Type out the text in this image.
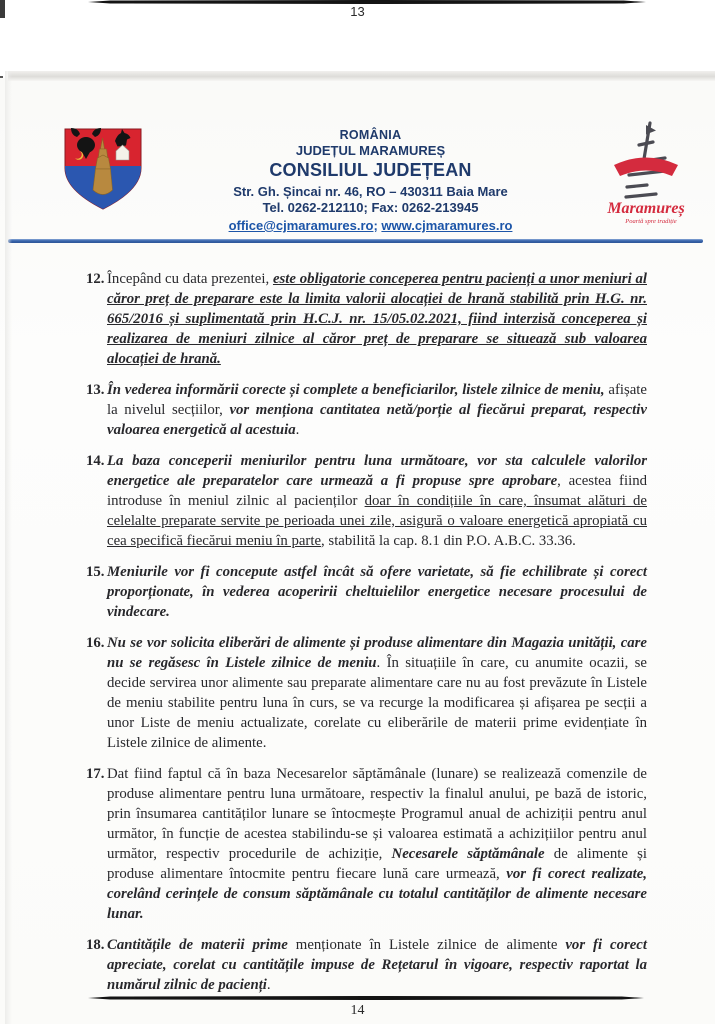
13
ROMÂNIA
JUDEȚUL MARAMUREȘ
CONSILIUL JUDEȚEAN
Str. Gh. Șincai nr. 46, RO – 430311 Baia Mare
Tel. 0262-212110; Fax: 0262-213945
office@cjmaramures.ro; www.cjmaramures.ro
Maramureș
Poartă spre tradiție
12. Începând cu data prezentei, este obligatorie conceperea pentru pacienți a unor meniuri al căror preț de preparare este la limita valorii alocației de hrană stabilită prin H.G. nr. 665/2016 și suplimentată prin H.C.J. nr. 15/05.02.2021, fiind interzisă conceperea și realizarea de meniuri zilnice al căror preț de preparare se situează sub valoarea alocației de hrană.
13. În vederea informării corecte și complete a beneficiarilor, listele zilnice de meniu, afișate la nivelul secțiilor, vor menționa cantitatea netă/porție al fiecărui preparat, respectiv valoarea energetică al acestuia.
14. La baza conceperii meniurilor pentru luna următoare, vor sta calculele valorilor energetice ale preparatelor care urmează a fi propuse spre aprobare, acestea fiind introduse în meniul zilnic al pacienților doar în condițiile în care, însumat alături de celelalte preparate servite pe perioada unei zile, asigură o valoare energetică apropiată cu cea specifică fiecărui meniu în parte, stabilită la cap. 8.1 din P.O. A.B.C. 33.36.
15. Meniurile vor fi concepute astfel încât să ofere varietate, să fie echilibrate și corect proporționate, în vederea acoperirii cheltuielilor energetice necesare procesului de vindecare.
16. Nu se vor solicita eliberări de alimente și produse alimentare din Magazia unității, care nu se regăsesc în Listele zilnice de meniu. În situațiile în care, cu anumite ocazii, se decide servirea unor alimente sau preparate alimentare care nu au fost prevăzute în Listele de meniu stabilite pentru luna în curs, se va recurge la modificarea și afișarea pe secții a unor Liste de meniu actualizate, corelate cu eliberările de materii prime evidențiate în Listele zilnice de alimente.
17. Dat fiind faptul că în baza Necesarelor săptămânale (lunare) se realizează comenzile de produse alimentare pentru luna următoare, respectiv la finalul anului, pe bază de istoric, prin însumarea cantităților lunare se întocmește Programul anual de achiziții pentru anul următor, în funcție de acestea stabilindu-se și valoarea estimată a achizițiilor pentru anul următor, respectiv procedurile de achiziție, Necesarele săptămânale de alimente și produse alimentare întocmite pentru fiecare lună care urmează, vor fi corect realizate, corelând cerințele de consum săptămânale cu totalul cantităților de alimente necesare lunar.
18. Cantitățile de materii prime menționate în Listele zilnice de alimente vor fi corect apreciate, corelat cu cantitățile impuse de Rețetarul în vigoare, respectiv raportat la numărul zilnic de pacienți.
14
